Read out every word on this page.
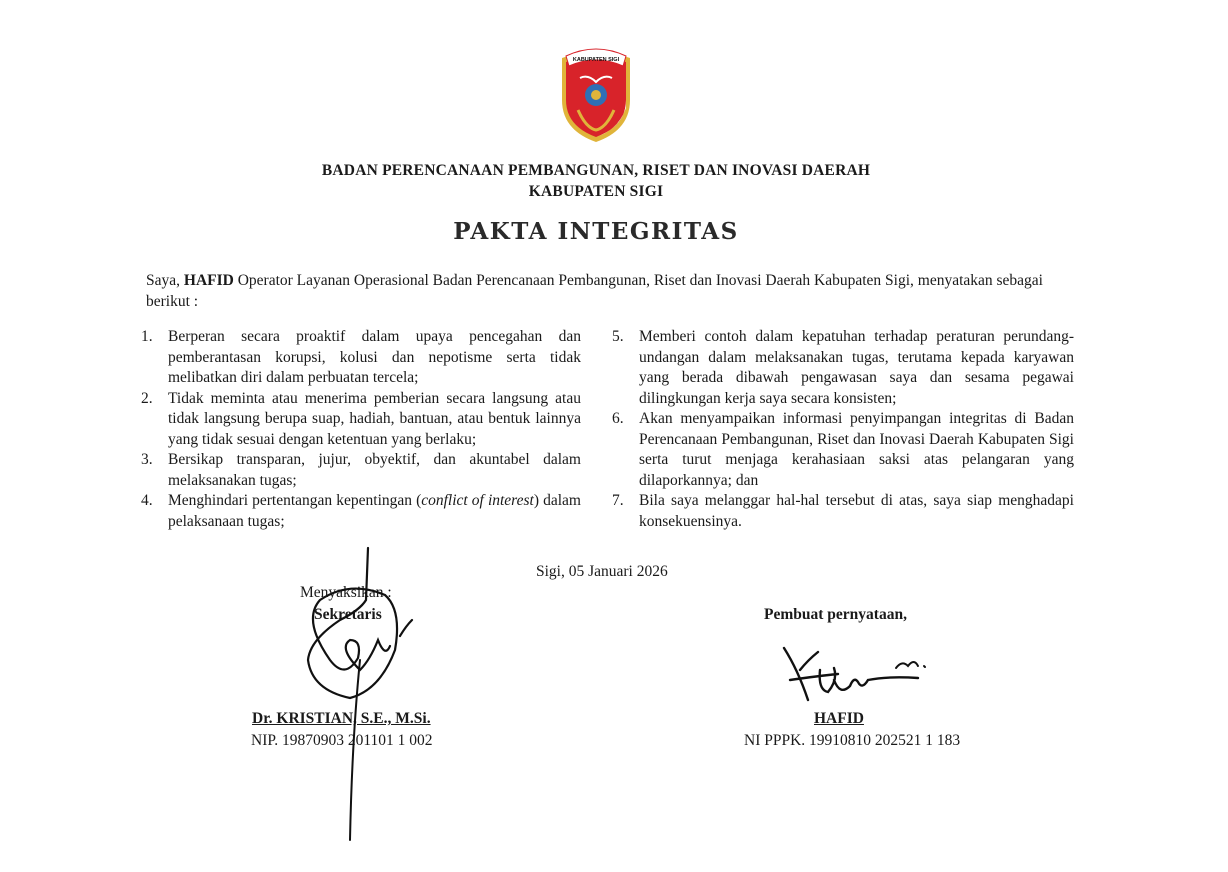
KABUPATEN SIGI
BADAN PERENCANAAN PEMBANGUNAN, RISET DAN INOVASI DAERAH
KABUPATEN SIGI
PAKTA INTEGRITAS
Saya, HAFID Operator Layanan Operasional Badan Perencanaan Pembangunan, Riset dan Inovasi Daerah Kabupaten Sigi, menyatakan sebagai berikut :
1. Berperan secara proaktif dalam upaya pencegahan dan pemberantasan korupsi, kolusi dan nepotisme serta tidak melibatkan diri dalam perbuatan tercela;
2. Tidak meminta atau menerima pemberian secara langsung atau tidak langsung berupa suap, hadiah, bantuan, atau bentuk lainnya yang tidak sesuai dengan ketentuan yang berlaku;
3. Bersikap transparan, jujur, obyektif, dan akuntabel dalam melaksanakan tugas;
4. Menghindari pertentangan kepentingan (conflict of interest) dalam pelaksanaan tugas;
5. Memberi contoh dalam kepatuhan terhadap peraturan perundang-undangan dalam melaksanakan tugas, terutama kepada karyawan yang berada dibawah pengawasan saya dan sesama pegawai dilingkungan kerja saya secara konsisten;
6. Akan menyampaikan informasi penyimpangan integritas di Badan Perencanaan Pembangunan, Riset dan Inovasi Daerah Kabupaten Sigi serta turut menjaga kerahasiaan saksi atas pelangaran yang dilaporkannya; dan
7. Bila saya melanggar hal-hal tersebut di atas, saya siap menghadapi konsekuensinya.
Sigi, 05 Januari 2026
Menyaksikan :
Sekretaris
Dr. KRISTIAN, S.E., M.Si.
NIP. 19870903 201101 1 002
Pembuat pernyataan,
HAFID
NI PPPK. 19910810 202521 1 183
